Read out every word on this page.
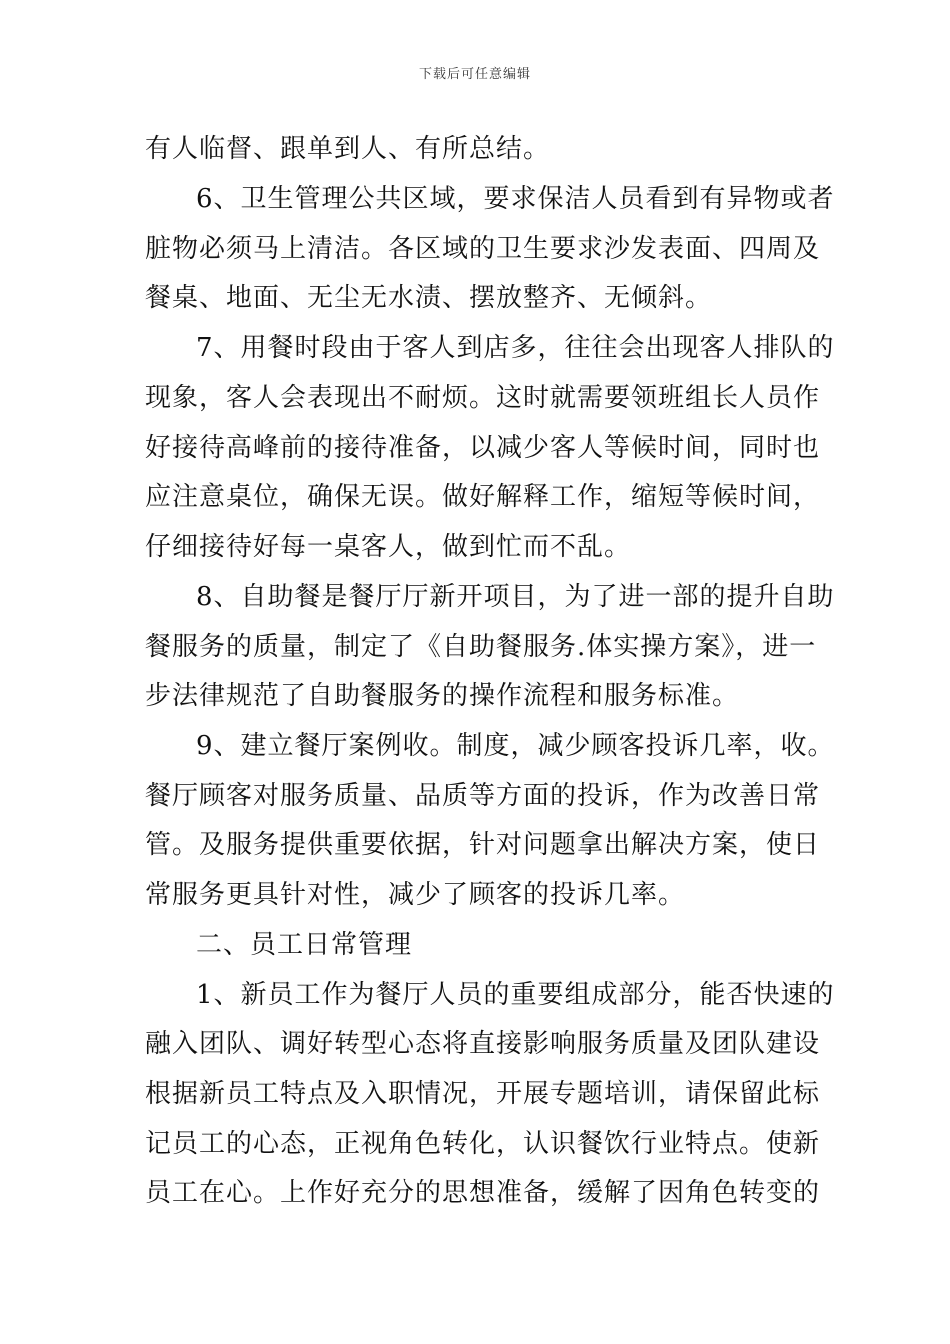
下载后可任意编辑
有人临督、跟单到人、有所总结。
6、卫生管理公共区域，要求保洁人员看到有异物或者
脏物必须马上清洁。各区域的卫生要求沙发表面、四周及
餐桌、地面、无尘无水渍、摆放整齐、无倾斜。
7、用餐时段由于客人到店多，往往会出现客人排队的
现象，客人会表现出不耐烦。这时就需要领班组长人员作
好接待高峰前的接待准备，以减少客人等候时间，同时也
应注意桌位，确保无误。做好解释工作，缩短等候时间，
仔细接待好每一桌客人，做到忙而不乱。
8、自助餐是餐厅厅新开项目，为了进一部的提升自助
餐服务的质量，制定了《自助餐服务.体实操方案》，进一
步法律规范了自助餐服务的操作流程和服务标准。
9、建立餐厅案例收。制度，减少顾客投诉几率，收。
餐厅顾客对服务质量、品质等方面的投诉，作为改善日常
管。及服务提供重要依据，针对问题拿出解决方案，使日
常服务更具针对性，减少了顾客的投诉几率。
二、员工日常管理
1、新员工作为餐厅人员的重要组成部分，能否快速的
融入团队、调好转型心态将直接影响服务质量及团队建设
根据新员工特点及入职情况，开展专题培训，请保留此标
记员工的心态，正视角色转化，认识餐饮行业特点。使新
员工在心。上作好充分的思想准备，缓解了因角色转变的
